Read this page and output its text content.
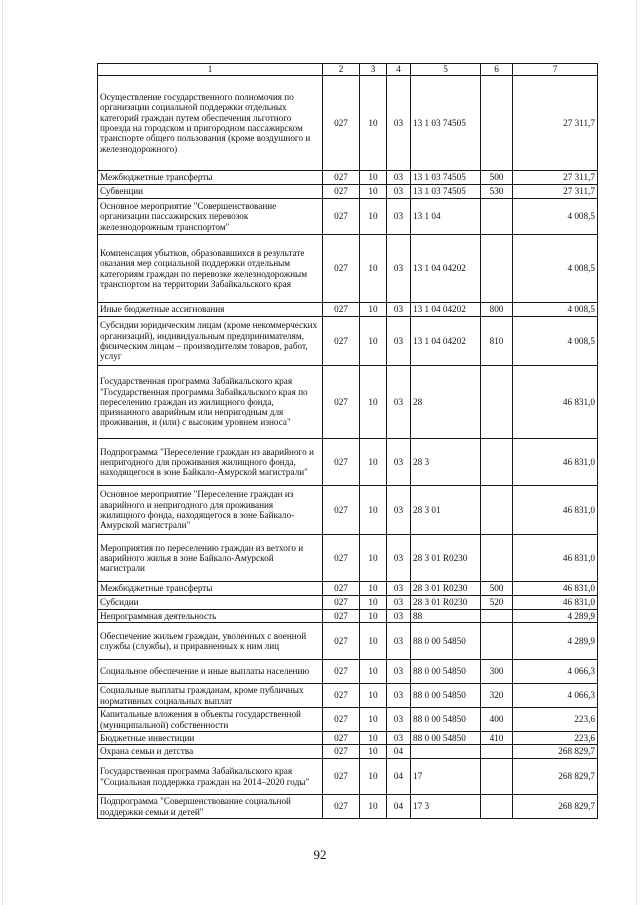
1	2	3	4	5	6	7
Осуществление государственного полномочия по организации социальной поддержки отдельных категорий граждан путем обеспечения льготного проезда на городском и пригородном пассажирском транспорте общего пользования (кроме воздушного и железнодорожного)	027	10	03	13 1 03 74505		27 311,7
Межбюджетные трансферты	027	10	03	13 1 03 74505	500	27 311,7
Субвенции	027	10	03	13 1 03 74505	530	27 311,7
Основное мероприятие "Совершенствование организации пассажирских перевозок железнодорожным транспортом"	027	10	03	13 1 04		4 008,5
Компенсация убытков, образовавшихся в результате оказания мер социальной поддержки отдельным категориям граждан по перевозке железнодорожным транспортом на территории Забайкальского края	027	10	03	13 1 04 04202		4 008,5
Иные бюджетные ассигнования	027	10	03	13 1 04 04202	800	4 008,5
Субсидии юридическим лицам (кроме некоммерческих организаций), индивидуальным предпринимателям, физическим лицам – производителям товаров, работ, услуг	027	10	03	13 1 04 04202	810	4 008,5
Государственная программа Забайкальского края "Государственная программа Забайкальского края по переселению граждан из жилищного фонда, признанного аварийным или непригодным для проживания, и (или) с высоким уровнем износа"	027	10	03	28		46 831,0
Подпрограмма "Переселение граждан из аварийного и непригодного для проживания жилищного фонда, находящегося в зоне Байкало-Амурской магистрали"	027	10	03	28 3		46 831,0
Основное мероприятие "Переселение граждан из аварийного и непригодного для проживания жилищного фонда, находящегося в зоне Байкало-Амурской магистрали"	027	10	03	28 3 01		46 831,0
Мероприятия по переселению граждан из ветхого и аварийного жилья в зоне Байкало-Амурской магистрали	027	10	03	28 3 01 R0230		46 831,0
Межбюджетные трансферты	027	10	03	28 3 01 R0230	500	46 831,0
Субсидии	027	10	03	28 3 01 R0230	520	46 831,0
Непрограммная деятельность	027	10	03	88		4 289,9
Обеспечение жильем граждан, уволенных с военной службы (службы), и приравненных к ним лиц	027	10	03	88 0 00 54850		4 289,9
Социальное обеспечение и иные выплаты населению	027	10	03	88 0 00 54850	300	4 066,3
Социальные выплаты гражданам, кроме публичных нормативных социальных выплат	027	10	03	88 0 00 54850	320	4 066,3
Капитальные вложения в объекты государственной (муниципальной) собственности	027	10	03	88 0 00 54850	400	223,6
Бюджетные инвестиции	027	10	03	88 0 00 54850	410	223,6
Охрана семьи и детства	027	10	04			268 829,7
Государственная программа Забайкальского края "Социальная поддержка граждан на 2014–2020 годы"	027	10	04	17		268 829,7
Подпрограмма "Совершенствование социальной поддержки семьи и детей"	027	10	04	17 3		268 829,7
92
